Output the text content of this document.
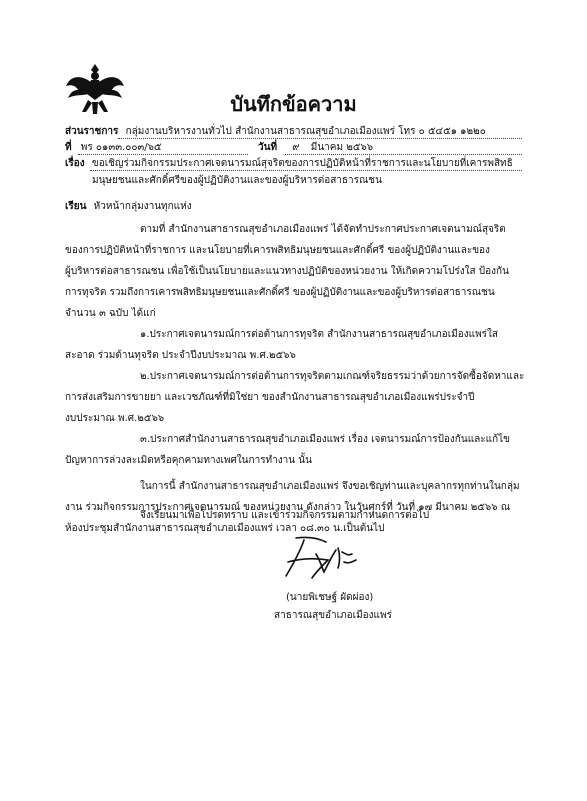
บันทึกข้อความ
ส่วนราชการ กลุ่มงานบริหารงานทั่วไป สำนักงานสาธารณสุขอำเภอเมืองแพร่ โทร ๐ ๕๔๕๑ ๑๒๒๐
ที่ พร ๐๑๓๓.๐๐๓/๖๕	วันที่ ๙ มีนาคม ๒๕๖๖
เรื่อง ขอเชิญร่วมกิจกรรมประกาศเจตนารมณ์สุจริตของการปฏิบัติหน้าที่ราชการและนโยบายที่เคารพสิทธิ
มนุษยชนและศักดิ์ศรีของผู้ปฏิบัติงานและของผู้บริหารต่อสาธารณชน
เรียน หัวหน้ากลุ่มงานทุกแห่ง

ตามที่ สำนักงานสาธารณสุขอำเภอเมืองแพร่ ได้จัดทำประกาศประกาศเจตนามณ์สุจริต

ของการปฏิบัติหน้าที่ราชการ และนโยบายที่เคารพสิทธิมนุษยชนและศักดิ์ศรี ของผู้ปฏิบัติงานและของ

ผู้บริหารต่อสาธารณชน เพื่อใช้เป็นนโยบายและแนวทางปฏิบัติของหน่วยงาน ให้เกิดความโปร่งใส ป้องกัน

การทุจริต รวมถึงการเคารพสิทธิมนุษยชนและศักดิ์ศรี ของผู้ปฏิบัติงานและของผู้บริหารต่อสาธารณชน

จำนวน ๓ ฉบับ ได้แก่

๑.ประกาศเจตนารมณ์การต่อต้านการทุจริต สำนักงานสาธารณสุขอำเภอเมืองแพร่ใส

สะอาด ร่วมต้านทุจริต ประจำปีงบประมาณ พ.ศ.๒๕๖๖

๒.ประกาศเจตนารมณ์การต่อต้านการทุจริตตามเกณฑ์จริยธรรมว่าด้วยการจัดซื้อจัดหาและ

การส่งเสริมการขายยา และเวชภัณฑ์ที่มิใช่ยา ของสำนักงานสาธารณสุขอำเภอเมืองแพร่ประจำปี

งบประมาณ พ.ศ.๒๕๖๖

๓.ประกาศสำนักงานสาธารณสุขอำเภอเมืองแพร่ เรื่อง เจตนารมณ์การป้องกันและแก้ไข

ปัญหาการล่วงละเมิดหรือคุกคามทางเพศในการทำงาน นั้น

ในการนี้ สำนักงานสาธารณสุขอำเภอเมืองแพร่ จึงขอเชิญท่านและบุคลากรทุกท่านในกลุ่ม

งาน ร่วมกิจกรรมการประกาศเจตนารมณ์ ของหน่วยงาน ดังกล่าว ในวันศุกร์ที่ วันที่ ๑๗ มีนาคม ๒๕๖๖ ณ

ห้องประชุมสำนักงานสาธารณสุขอำเภอเมืองแพร่ เวลา ๐๘.๓๐ น.เป็นต้นไป

จึงเรียนมาเพื่อโปรดทราบ และเข้าร่วมกิจกรรมตามกำหนดการต่อไป
(นายพิเชษฐ์ ผัดผ่อง)
สาธารณสุขอำเภอเมืองแพร่
